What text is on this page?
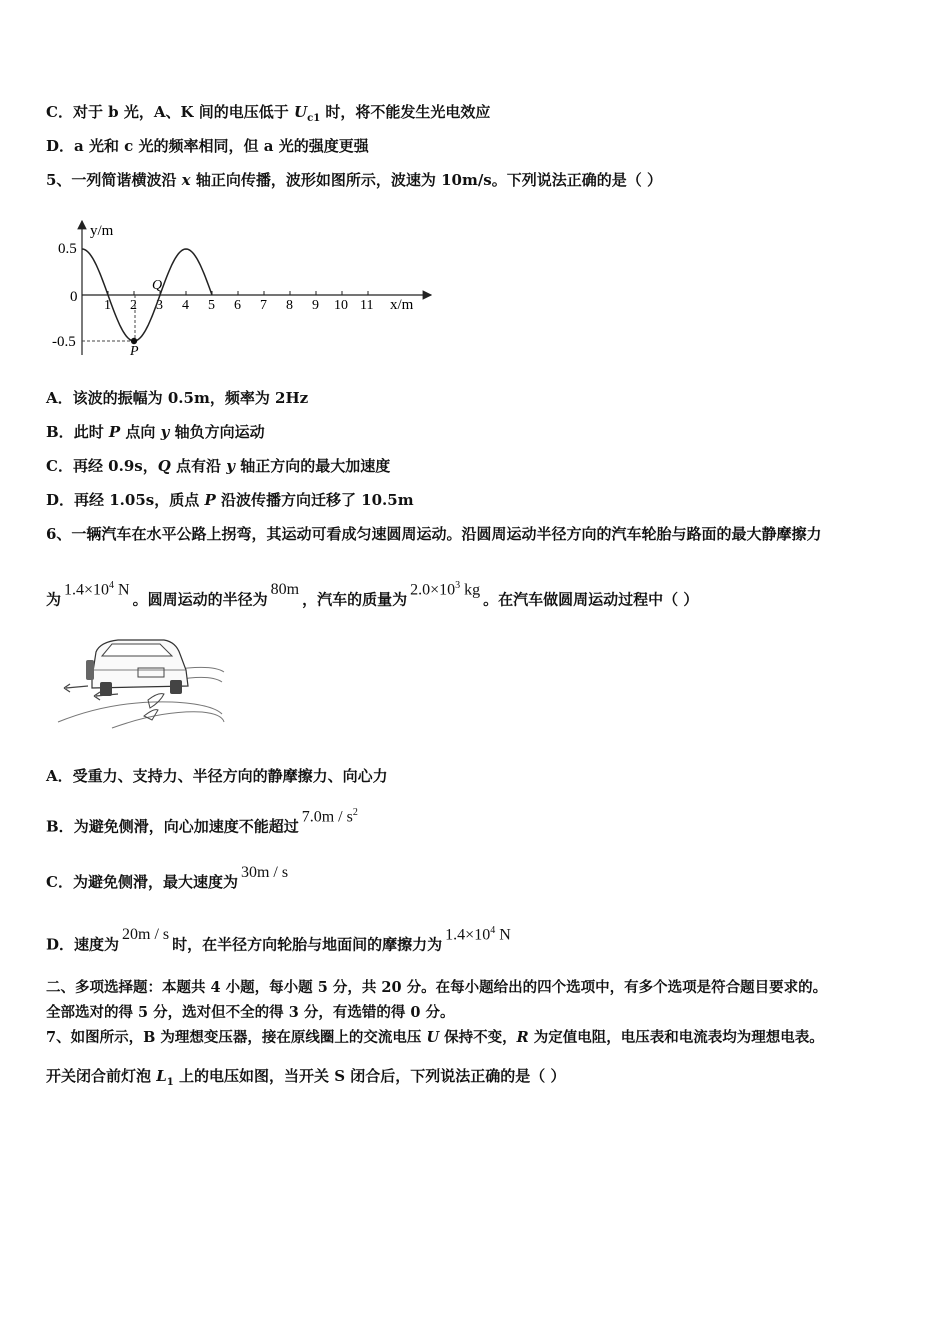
C．对于 b 光，A、K 间的电压低于 $U_{c1}$ 时，将不能发生光电效应
D．a 光和 c 光的频率相同，但 a 光的强度更强
5、一列简谐横波沿 x 轴正向传播，波形如图所示，波速为 10m/s。下列说法正确的是（ ）
y/m
x/m
0.5
0
-0.5
1 2 3 4 5 6 7 8 9 10 11
P
Q
A．该波的振幅为 0.5m，频率为 2Hz
B．此时 P 点向 y 轴负方向运动
C．再经 0.9s，Q 点有沿 y 轴正方向的最大加速度
D．再经 1.05s，质点 P 沿波传播方向迁移了 10.5m
6、一辆汽车在水平公路上拐弯，其运动可看成匀速圆周运动。沿圆周运动半径方向的汽车轮胎与路面的最大静摩擦力
为$1.4\times 10^4$ N。圆周运动的半径为80m，汽车的质量为$2.0\times 10^3$ kg。在汽车做圆周运动过程中（ ）
A．受重力、支持力、半径方向的静摩擦力、向心力
B．为避免侧滑，向心加速度不能超过$7.0m / s^2$
C．为避免侧滑，最大速度为30m / s
D．速度为20m / s时，在半径方向轮胎与地面间的摩擦力为$1.4\times 10^4$ N
二、多项选择题：本题共 4 小题，每小题 5 分，共 20 分。在每小题给出的四个选项中，有多个选项是符合题目要求的。
全部选对的得 5 分，选对但不全的得 3 分，有选错的得 0 分。
7、如图所示，B 为理想变压器，接在原线圈上的交流电压 U 保持不变，R 为定值电阻，电压表和电流表均为理想电表。
开关闭合前灯泡 $L_1$ 上的电压如图，当开关 S 闭合后，下列说法正确的是（ ）
